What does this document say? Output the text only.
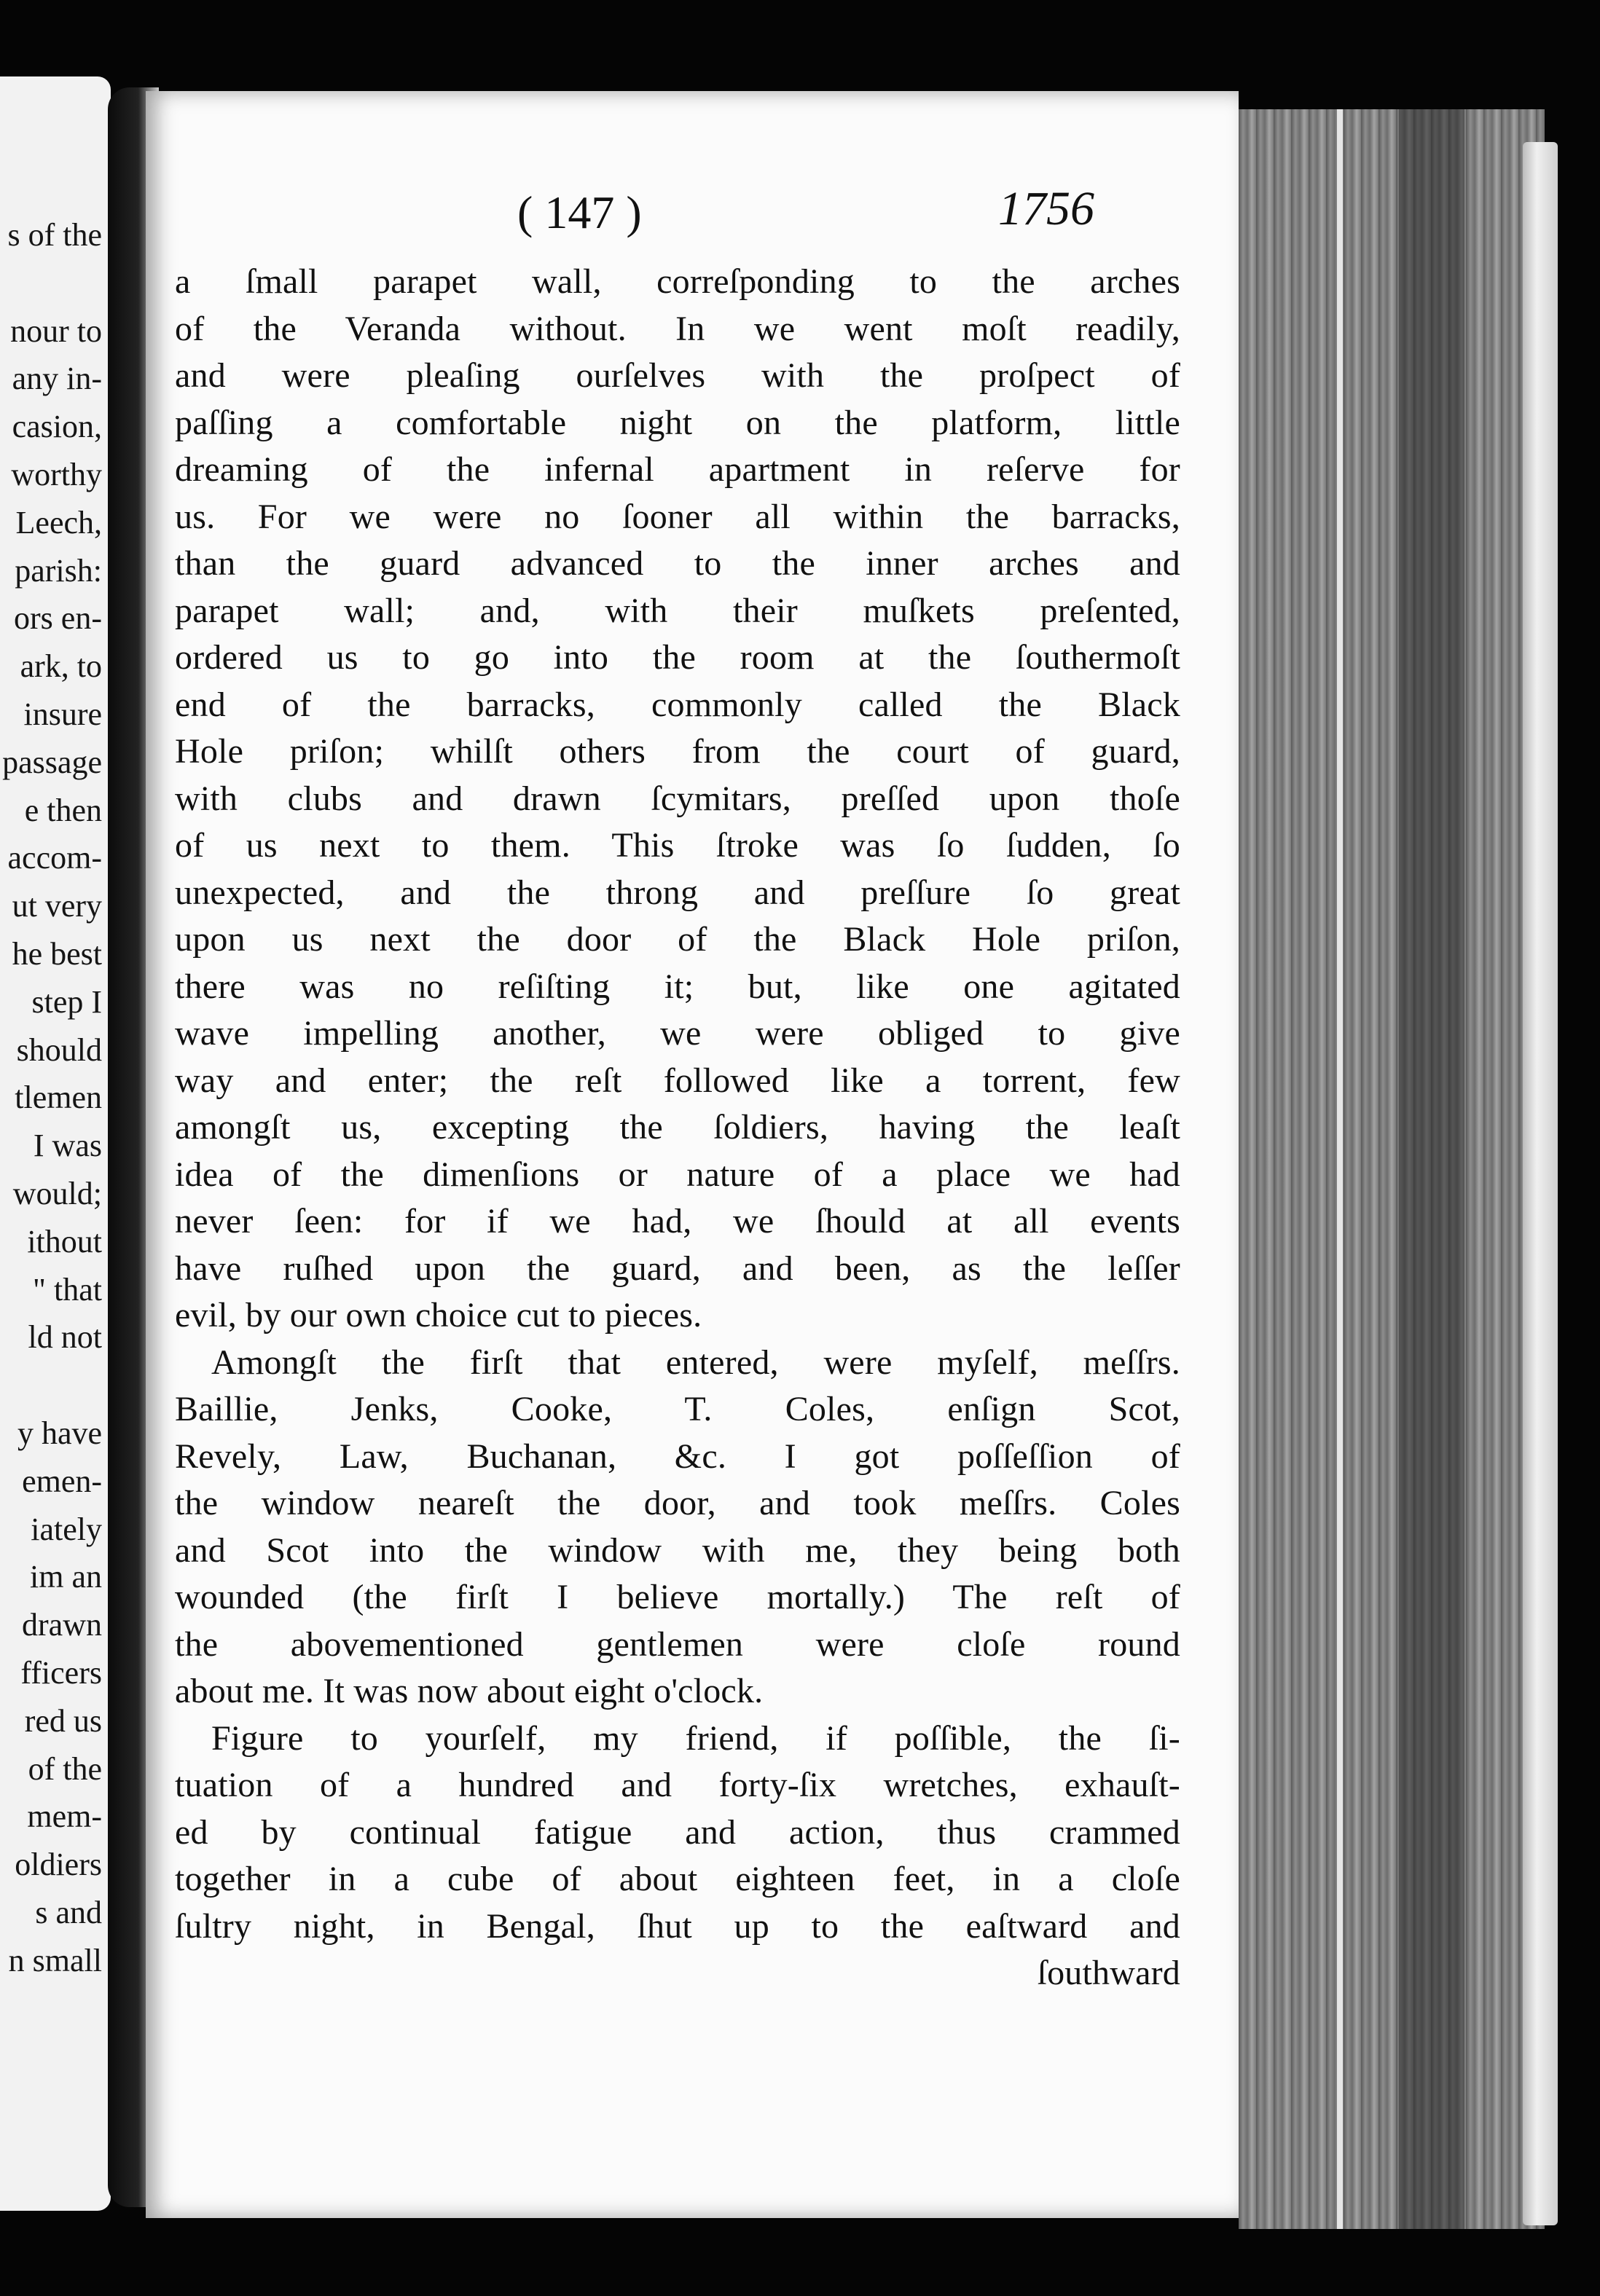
s of the
nour to
any in-
casion,
worthy
Leech,
parish:
ors en-
ark, to
insure
passage
e then
accom-
ut very
he best
step I
should
tlemen
I was
would;
ithout
" that
ld not
y have
emen-
iately
im an
drawn
fficers
red us
of the
mem-
oldiers
s and
n small
( 147 )	1756
a ſmall parapet wall, correſponding to the arches
of the Veranda without. In we went moſt readily,
and were pleaſing ourſelves with the proſpect of
paſſing a comfortable night on the platform, little
dreaming of the infernal apartment in reſerve for
us. For we were no ſooner all within the barracks,
than the guard advanced to the inner arches and
parapet wall; and, with their muſkets preſented,
ordered us to go into the room at the ſouthermoſt
end of the barracks, commonly called the Black
Hole priſon; whilſt others from the court of guard,
with clubs and drawn ſcymitars, preſſed upon thoſe
of us next to them. This ſtroke was ſo ſudden, ſo
unexpected, and the throng and preſſure ſo great
upon us next the door of the Black Hole priſon,
there was no reſiſting it; but, like one agitated
wave impelling another, we were obliged to give
way and enter; the reſt followed like a torrent, few
amongſt us, excepting the ſoldiers, having the leaſt
idea of the dimenſions or nature of a place we had
never ſeen: for if we had, we ſhould at all events
have ruſhed upon the guard, and been, as the leſſer
evil, by our own choice cut to pieces.
Amongſt the firſt that entered, were myſelf, meſſrs.
Baillie, Jenks, Cooke, T. Coles, enſign Scot,
Revely, Law, Buchanan, &c. I got poſſeſſion of
the window neareſt the door, and took meſſrs. Coles
and Scot into the window with me, they being both
wounded (the firſt I believe mortally.) The reſt of
the abovementioned gentlemen were cloſe round
about me. It was now about eight o'clock.
Figure to yourſelf, my friend, if poſſible, the ſi-
tuation of a hundred and forty-ſix wretches, exhauſt-
ed by continual fatigue and action, thus crammed
together in a cube of about eighteen feet, in a cloſe
ſultry night, in Bengal, ſhut up to the eaſtward and
ſouthward
